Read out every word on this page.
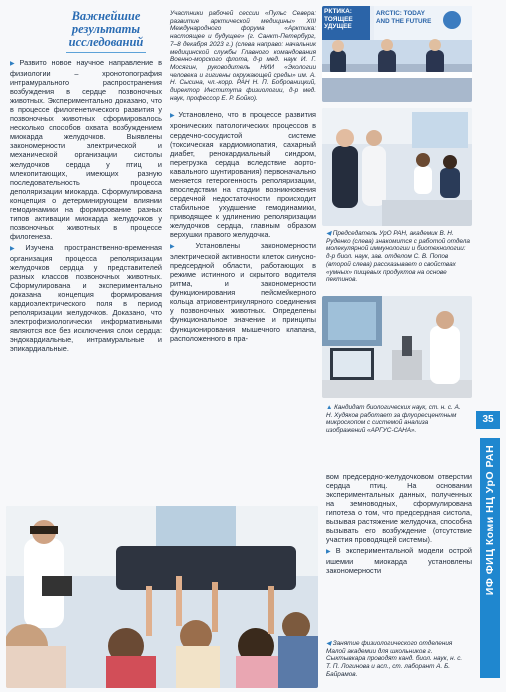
Важнейшие
результаты
исследований

▶ Развито новое научное направление в физиологии – хронотопография интрамурального распространения возбуждения в сердце позвоночных животных. Экспериментально доказано, что в процессе филогенетического развития у позвоночных животных сформировалось несколько способов охвата возбуждением миокарда желудочков. Выявлены закономерности электрической и механической организации систолы желудочков сердца у птиц и млекопитающих, имеющих разную последовательность процесса деполяризации миокарда. Сформулирована концепция о детерминирующем влиянии гемодинамики на формирование разных типов активации миокарда желудочков у позвоночных животных в процессе филогенеза.

▶ Изучена пространственно-временная организация процесса реполяризации желудочков сердца у представителей разных классов позвоночных животных. Сформулирована и экспериментально доказана концепция формирования кардиоэлектрического поля в период реполяризации желудочков. Доказано, что электрофизиологически информативными являются все без исключения слои сердца: эндокардиальные, интрамуральные и эпикардиальные.

Участники рабочей сессии «Пульс Севера: развитие арктической медицины» XIII Международного форума «Арктика: настоящее и будущее» (г. Санкт-Петербург, 7–8 декабря 2023 г.) (слева направо: начальник медицинской службы Главного командования Военно-морского флота, д-р мед. наук И. Г. Мосягин, руководитель НИИ «Экологии человека и гигиены окружающей среды» им. А. Н. Сысина, чл.-корр. РАН Н. П. Бобровницкий, директор Института физиологии, д-р мед. наук, профессор Е. Р. Бойко).

▶ Установлено, что в процессе развития хронических патологических процессов в сердечно-сосудистой системе (токсическая кардиомиопатия, сахарный диабет, ренокардиальный синдром, перегрузка сердца вследствие аорто-кавального шунтирования) первоначально меняется гетерогенность реполяризации, впоследствии на стадии возникновения сердечной недостаточности происходит стабильное ухудшение гемодинамики, приводящее к удлинению реполяризации желудочков сердца, главным образом верхушки правого желудочка.

▶ Установлены закономерности электрической активности клеток синусно-предсердной области, работающих в режиме истинного и скрытого водителя ритма, и закономерности функционирования пейсмейкерного кольца атриовентрикулярного соединения у позвоночных животных. Определены функциональное значение и принципы функционирования мышечного клапана, расположенного в пра-

РКТИКА: ТОЯЩЕЕ УДУЩЕЕ
ARCTIC: TODAY AND THE FUTURE
◀ Председатель УрО РАН, академик В. Н. Руденко (слева) знакомится с работой отдела молекулярной иммунологии и биотехнологии: д-р биол. наук, зав. отделом С. В. Попов (второй слева) рассказывает о свойствах «умных» пищевых продуктов на основе пектинов.
▲ Кандидат биологических наук, ст. н. с. А. Н. Худяков работает за флуоресцентным микроскопом с системой анализа изображений «АРГУС-САНА».

вом предсердно-желудочковом отверстии сердца птиц. На основании экспериментальных данных, полученных на земноводных, сформулирована гипотеза о том, что предсердная систола, вызывая растяжение желудочка, способна вызывать его возбуждение (отсутствие участия проводящей системы).

▶ В экспериментальной модели острой ишемии миокарда установлены закономерности

◀ Занятие физиологического отделения Малой академии для школьников г. Сыктывкара проводят канд. биол. наук, н. с. Т. П. Логинова и асп., ст. лаборант А. Б. Байрамов.
35
ИФ ФИЦ Коми НЦ УрО РАН
